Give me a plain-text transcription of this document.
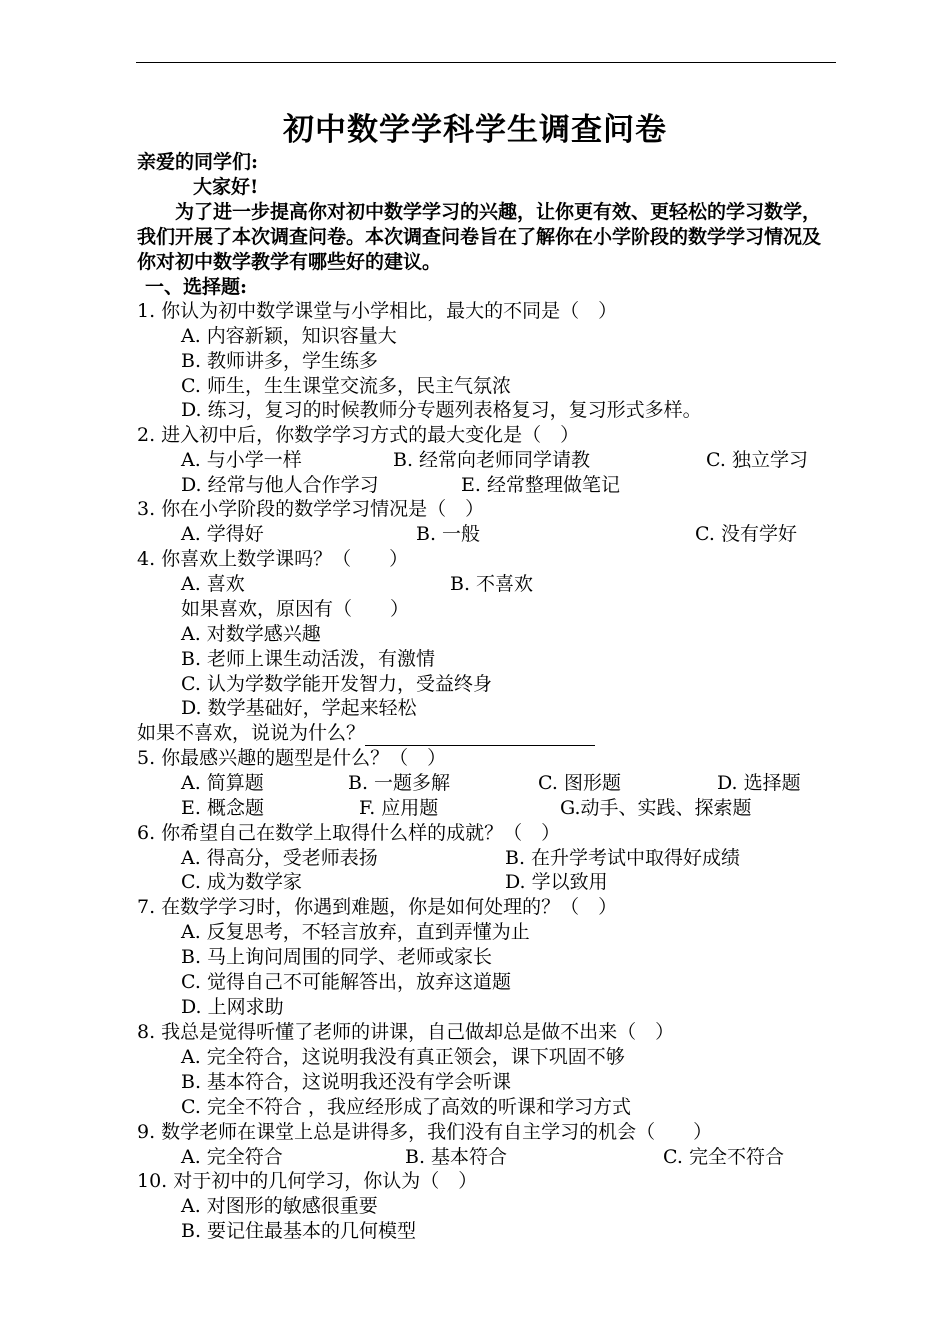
初中数学学科学生调查问卷
亲爱的同学们:
大家好!
为了进一步提高你对初中数学学习的兴趣，让你更有效、更轻松的学习数学，我们开展了本次调查问卷。本次调查问卷旨在了解你在小学阶段的数学学习情况及你对初中数学教学有哪些好的建议。
一、选择题:
1. 你认为初中数学课堂与小学相比，最大的不同是（　）
A. 内容新颖，知识容量大
B. 教师讲多，学生练多
C. 师生，生生课堂交流多，民主气氛浓
D. 练习，复习的时候教师分专题列表格复习，复习形式多样。
2. 进入初中后，你数学学习方式的最大变化是（　）
A. 与小学一样	B. 经常向老师同学请教	C. 独立学习
D. 经常与他人合作学习	E. 经常整理做笔记
3. 你在小学阶段的数学学习情况是（　）
A. 学得好	B. 一般	C. 没有学好
4. 你喜欢上数学课吗？（　　）
A. 喜欢	B. 不喜欢
如果喜欢，原因有（　　）
A. 对数学感兴趣
B. 老师上课生动活泼，有激情
C. 认为学数学能开发智力，受益终身
D. 数学基础好，学起来轻松
如果不喜欢，说说为什么？
5. 你最感兴趣的题型是什么？（　）
A. 简算题	B. 一题多解	C. 图形题	D. 选择题
E. 概念题	F. 应用题	G.动手、实践、探索题
6. 你希望自己在数学上取得什么样的成就？（　）
A. 得高分，受老师表扬	B. 在升学考试中取得好成绩
C. 成为数学家	D. 学以致用
7. 在数学学习时，你遇到难题，你是如何处理的？（　）
A. 反复思考，不轻言放弃，直到弄懂为止
B. 马上询问周围的同学、老师或家长
C. 觉得自己不可能解答出，放弃这道题
D. 上网求助
8. 我总是觉得听懂了老师的讲课，自己做却总是做不出来（　）
A. 完全符合，这说明我没有真正领会，课下巩固不够
B. 基本符合，这说明我还没有学会听课
C. 完全不符合 ，我应经形成了高效的听课和学习方式
9. 数学老师在课堂上总是讲得多，我们没有自主学习的机会（　　）
A. 完全符合	B. 基本符合	C. 完全不符合
10. 对于初中的几何学习，你认为（　）
A. 对图形的敏感很重要
B. 要记住最基本的几何模型
